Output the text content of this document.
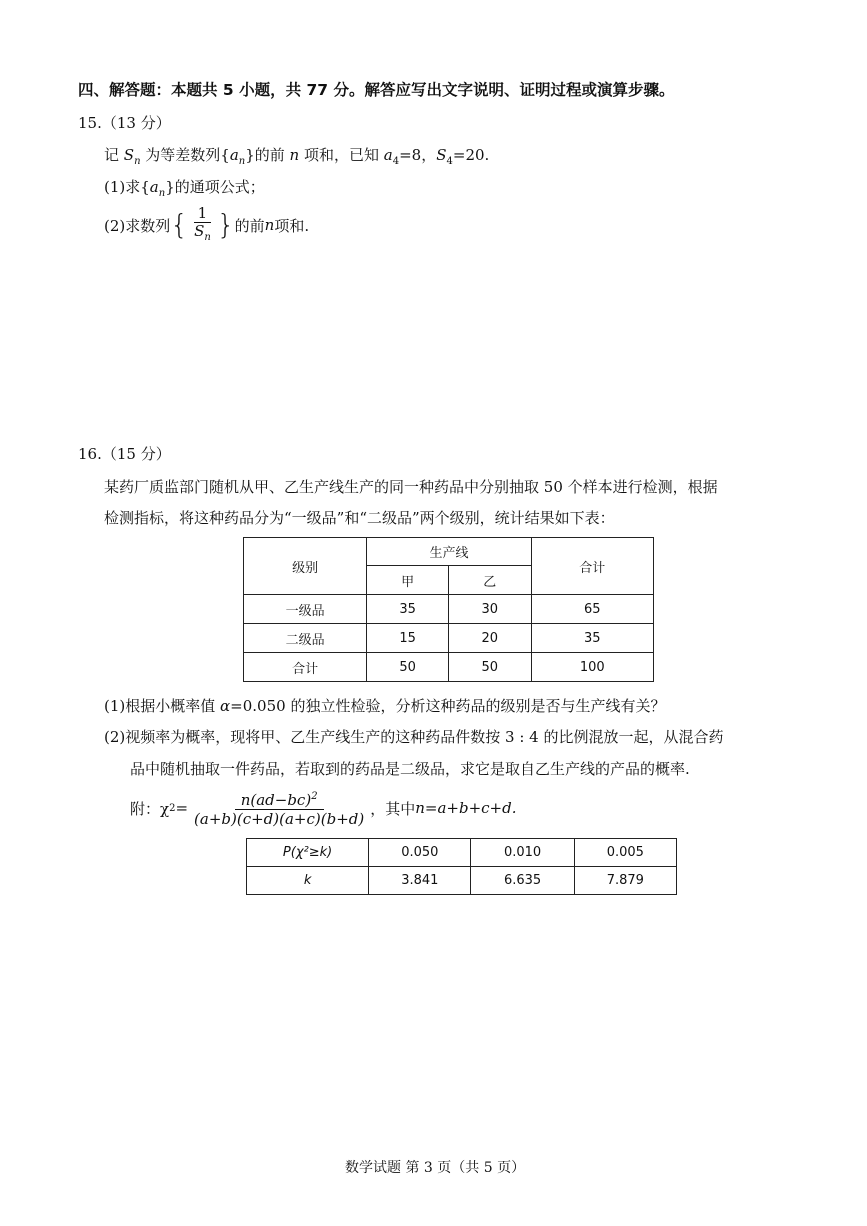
四、解答题：本题共 5 小题，共 77 分。解答应写出文字说明、证明过程或演算步骤。
15.（13 分）
记 $S_n$ 为等差数列$\{a_n\}$的前 n 项和，已知 $a_4=8$，$S_4=20$.
(1)求$\{a_n\}$的通项公式；
(2)求数列 { $\frac{1}{S_n}$ } 的前 n 项和.
16.（15 分）
某药厂质监部门随机从甲、乙生产线生产的同一种药品中分别抽取 50 个样本进行检测，根据
检测指标，将这种药品分为“一级品”和“二级品”两个级别，统计结果如下表：
级别	生产线		合计
	甲	乙	
一级品	35	30	65
二级品	15	20	35
合计	50	50	100
(1)根据小概率值 α=0.050 的独立性检验，分析这种药品的级别是否与生产线有关？
(2)视频率为概率，现将甲、乙生产线生产的这种药品件数按 3 : 4 的比例混放一起，从混合药
品中随机抽取一件药品，若取到的药品是二级品，求它是取自乙生产线的产品的概率.
附：χ $2 = \frac{n(ad-bc)^2}{(a+b)(c+d)(a+c)(b+d)}$ ，其中 n=a+b+c+d.
P(χ²≥k)	0.050	0.010	0.005
k	3.841	6.635	7.879
数学试题 第 3 页（共 5 页）
